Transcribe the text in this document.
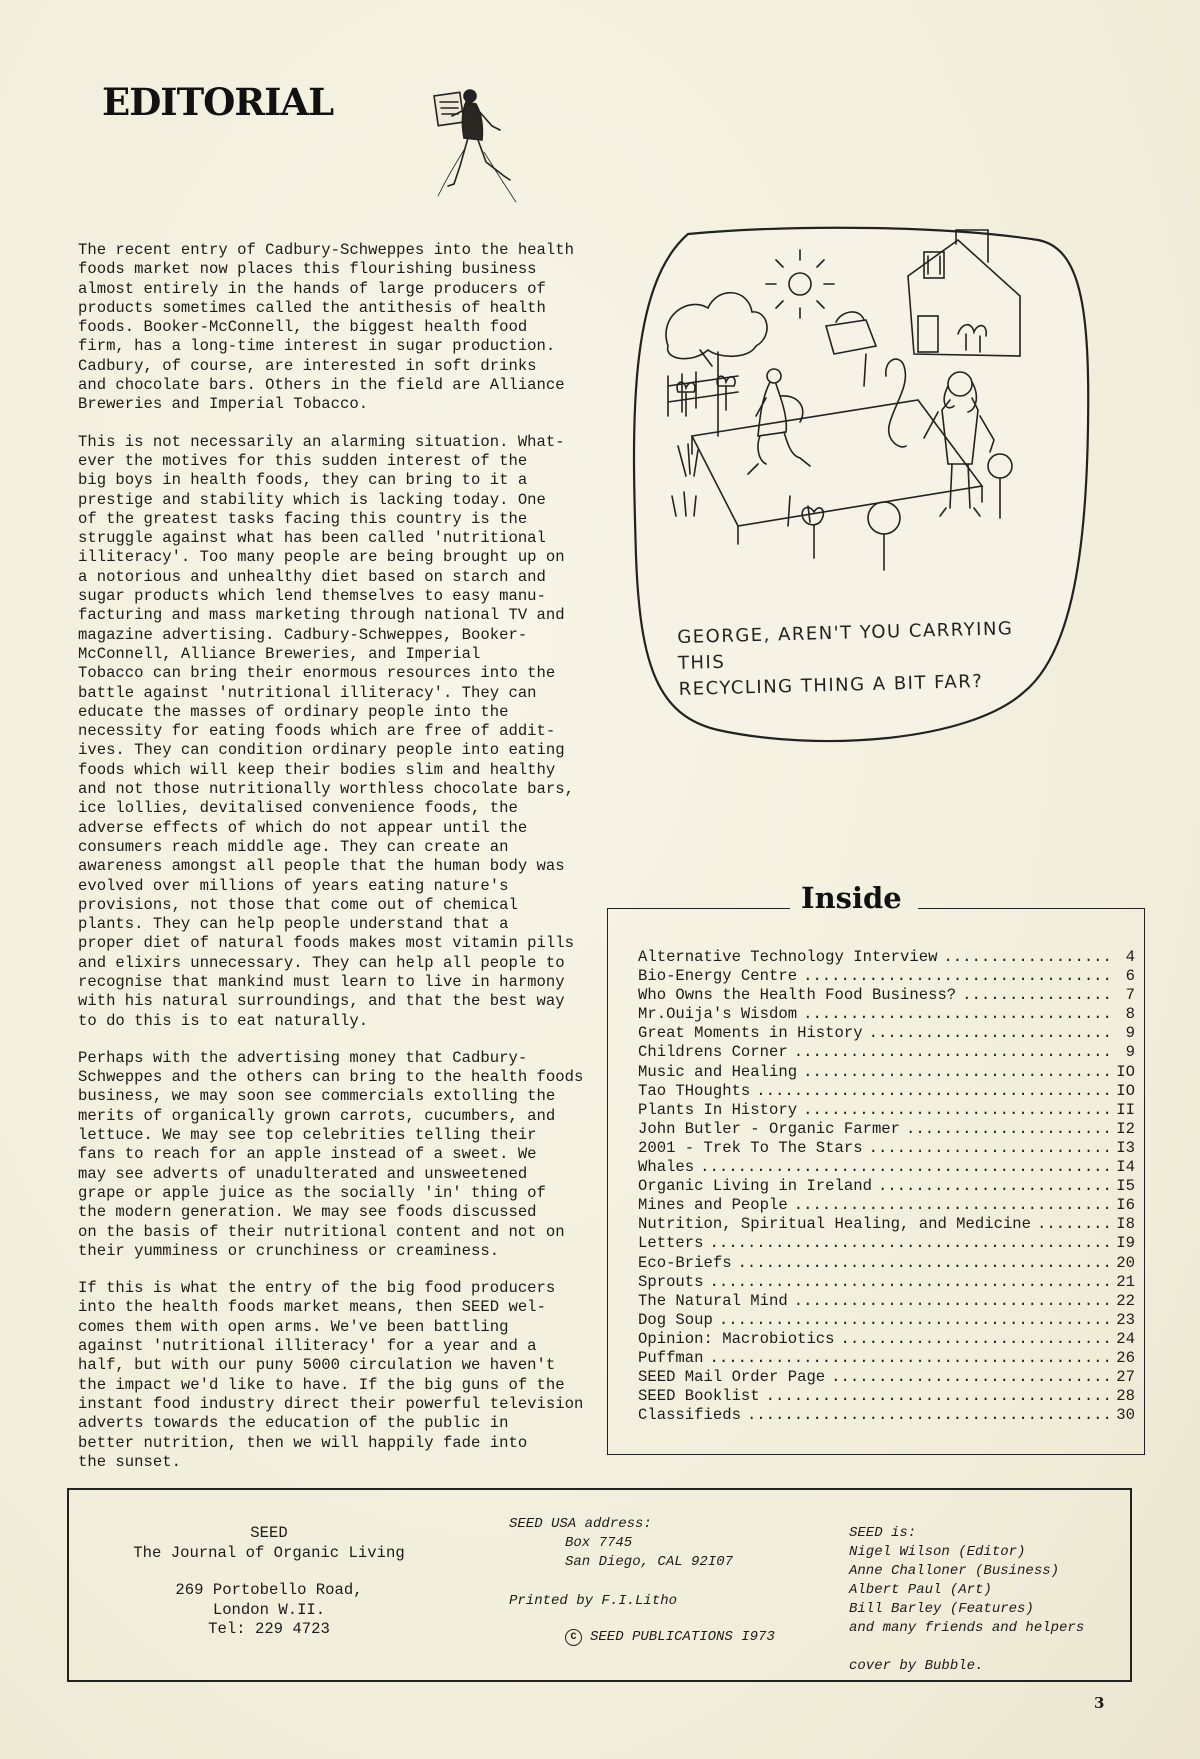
EDITORIAL

The recent entry of Cadbury-Schweppes into the health
foods market now places this flourishing business
almost entirely in the hands of large producers of
products sometimes called the antithesis of health
foods. Booker-McConnell, the biggest health food
firm, has a long-time interest in sugar production.
Cadbury, of course, are interested in soft drinks
and chocolate bars. Others in the field are Alliance
Breweries and Imperial Tobacco.

This is not necessarily an alarming situation. What-
ever the motives for this sudden interest of the
big boys in health foods, they can bring to it a
prestige and stability which is lacking today. One
of the greatest tasks facing this country is the
struggle against what has been called 'nutritional
illiteracy'. Too many people are being brought up on
a notorious and unhealthy diet based on starch and
sugar products which lend themselves to easy manu-
facturing and mass marketing through national TV and
magazine advertising. Cadbury-Schweppes, Booker-
McConnell, Alliance Breweries, and Imperial
Tobacco can bring their enormous resources into the
battle against 'nutritional illiteracy'. They can
educate the masses of ordinary people into the
necessity for eating foods which are free of addit-
ives. They can condition ordinary people into eating
foods which will keep their bodies slim and healthy
and not those nutritionally worthless chocolate bars,
ice lollies, devitalised convenience foods, the
adverse effects of which do not appear until the
consumers reach middle age. They can create an
awareness amongst all people that the human body was
evolved over millions of years eating nature's
provisions, not those that come out of chemical
plants. They can help people understand that a
proper diet of natural foods makes most vitamin pills
and elixirs unnecessary. They can help all people to
recognise that mankind must learn to live in harmony
with his natural surroundings, and that the best way
to do this is to eat naturally.

Perhaps with the advertising money that Cadbury-
Schweppes and the others can bring to the health foods
business, we may soon see commercials extolling the
merits of organically grown carrots, cucumbers, and
lettuce. We may see top celebrities telling their
fans to reach for an apple instead of a sweet. We
may see adverts of unadulterated and unsweetened
grape or apple juice as the socially 'in' thing of
the modern generation. We may see foods discussed
on the basis of their nutritional content and not on
their yumminess or crunchiness or creaminess.

If this is what the entry of the big food producers
into the health foods market means, then SEED wel-
comes them with open arms. We've been battling
against 'nutritional illiteracy' for a year and a
half, but with our puny 5000 circulation we haven't
the impact we'd like to have. If the big guns of the
instant food industry direct their powerful television
adverts towards the education of the public in
better nutrition, then we will happily fade into
the sunset.

GEORGE, AREN'T YOU CARRYING THIS
RECYCLING THING A BIT FAR?
Inside
Alternative Technology Interview .....	4
Bio-Energy Centre .....	6
Who Owns the Health Food Business? .....	7
Mr.Ouija's Wisdom .....	8
Great Moments in History .....	9
Childrens Corner .....	9
Music and Healing .....	IO
Tao THoughts .....	IO
Plants In History .....	II
John Butler - Organic Farmer .....	I2
2001 - Trek To The Stars .....	I3
Whales .....	I4
Organic Living in Ireland .....	I5
Mines and People .....	I6
Nutrition, Spiritual Healing, and Medicine .....	I8
Letters .....	I9
Eco-Briefs .....	20
Sprouts .....	21
The Natural Mind .....	22
Dog Soup .....	23
Opinion: Macrobiotics .....	24
Puffman .....	26
SEED Mail Order Page .....	27
SEED Booklist .....	28
Classifieds .....	30
SEED
The Journal of Organic Living
269 Portobello Road,
London W.II.
Tel: 229 4723
SEED USA address:
Box 7745
San Diego, CAL 92I07
Printed by F.I.Litho
C SEED PUBLICATIONS I973
SEED is:
Nigel Wilson (Editor)
Anne Challoner (Business)
Albert Paul (Art)
Bill Barley (Features)
and many friends and helpers
cover by Bubble.
3
